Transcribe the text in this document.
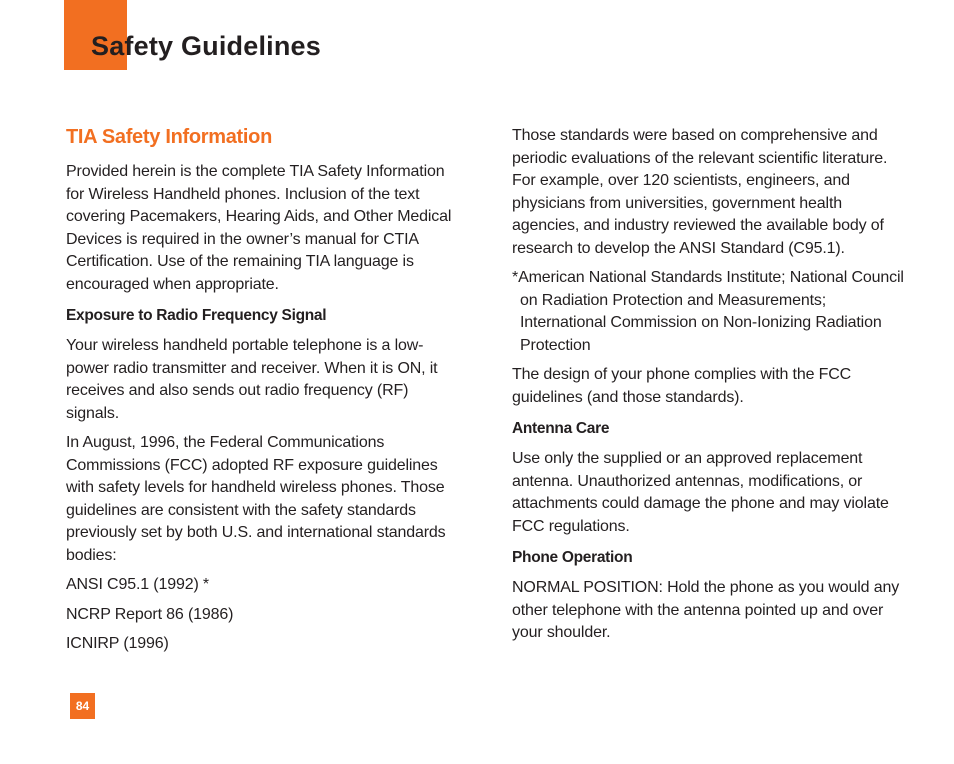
Safety Guidelines
TIA Safety Information

Provided herein is the complete TIA Safety Information for Wireless Handheld phones. Inclusion of the text covering Pacemakers, Hearing Aids, and Other Medical Devices is required in the owner’s manual for CTIA Certification. Use of the remaining TIA language is encouraged when appropriate.

Exposure to Radio Frequency Signal

Your wireless handheld portable telephone is a low-power radio transmitter and receiver. When it is ON, it receives and also sends out radio frequency (RF) signals.

In August, 1996, the Federal Communications Commissions (FCC) adopted RF exposure guidelines with safety levels for handheld wireless phones. Those guidelines are consistent with the safety standards previously set by both U.S. and international standards bodies:

ANSI C95.1 (1992) *

NCRP Report 86 (1986)

ICNIRP (1996)

Those standards were based on comprehensive and periodic evaluations of the relevant scientific literature. For example, over 120 scientists, engineers, and physicians from universities, government health agencies, and industry reviewed the available body of research to develop the ANSI Standard (C95.1).

*American National Standards Institute; National Council on Radiation Protection and Measurements; International Commission on Non-Ionizing Radiation Protection

The design of your phone complies with the FCC guidelines (and those standards).

Antenna Care

Use only the supplied or an approved replacement antenna. Unauthorized antennas, modifications, or attachments could damage the phone and may violate FCC regulations.

Phone Operation

NORMAL POSITION: Hold the phone as you would any other telephone with the antenna pointed up and over your shoulder.

84
